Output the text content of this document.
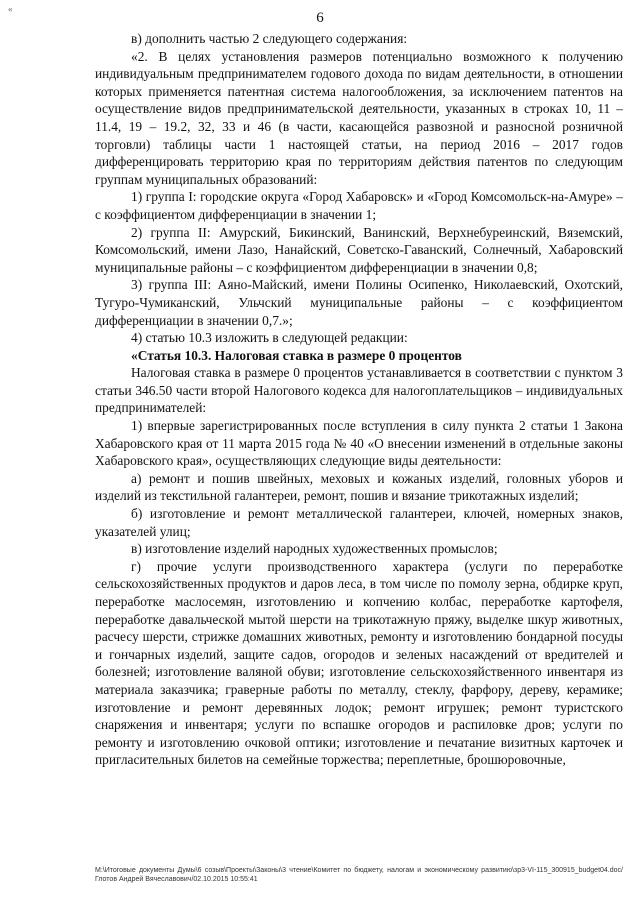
«
6

в) дополнить частью 2 следующего содержания:

«2. В целях установления размеров потенциально возможного к получению индивидуальным предпринимателем годового дохода по видам деятельности, в отношении которых применяется патентная система налогообложения, за исключением патентов на осуществление видов предпринимательской деятельности, указанных в строках 10, 11 – 11.4, 19 – 19.2, 32, 33 и 46 (в части, касающейся развозной и разносной розничной торговли) таблицы части 1 настоящей статьи, на период 2016 – 2017 годов дифференцировать территорию края по территориям действия патентов по следующим группам муниципальных образований:

1) группа I: городские округа «Город Хабаровск» и «Город Комсомольск-на-Амуре» – с коэффициентом дифференциации в значении 1;

2) группа II: Амурский, Бикинский, Ванинский, Верхнебуреинский, Вяземский, Комсомольский, имени Лазо, Нанайский, Советско-Гаванский, Солнечный, Хабаровский муниципальные районы – с коэффициентом дифференциации в значении 0,8;

3) группа III: Аяно-Майский, имени Полины Осипенко, Николаевский, Охотский, Тугуро-Чумиканский, Ульчский муниципальные районы – с коэффициентом дифференциации в значении 0,7.»;

4) статью 10.3 изложить в следующей редакции:

«Статья 10.3. Налоговая ставка в размере 0 процентов

Налоговая ставка в размере 0 процентов устанавливается в соответствии с пунктом 3 статьи 346.50 части второй Налогового кодекса для налогоплательщиков – индивидуальных предпринимателей:

1) впервые зарегистрированных после вступления в силу пункта 2 статьи 1 Закона Хабаровского края от 11 марта 2015 года № 40 «О внесении изменений в отдельные законы Хабаровского края», осуществляющих следующие виды деятельности:

а) ремонт и пошив швейных, меховых и кожаных изделий, головных уборов и изделий из текстильной галантереи, ремонт, пошив и вязание трикотажных изделий;

б) изготовление и ремонт металлической галантереи, ключей, номерных знаков, указателей улиц;

в) изготовление изделий народных художественных промыслов;

г) прочие услуги производственного характера (услуги по переработке сельскохозяйственных продуктов и даров леса, в том числе по помолу зерна, обдирке круп, переработке маслосемян, изготовлению и копчению колбас, переработке картофеля, переработке давальческой мытой шерсти на трикотажную пряжу, выделке шкур животных, расчесу шерсти, стрижке домашних животных, ремонту и изготовлению бондарной посуды и гончарных изделий, защите садов, огородов и зеленых насаждений от вредителей и болезней; изготовление валяной обуви; изготовление сельскохозяйственного инвентаря из материала заказчика; граверные работы по металлу, стеклу, фарфору, дереву, керамике; изготовление и ремонт деревянных лодок; ремонт игрушек; ремонт туристского снаряжения и инвентаря; услуги по вспашке огородов и распиловке дров; услуги по ремонту и изготовлению очковой оптики; изготовление и печатание визитных карточек и пригласительных билетов на семейные торжества; переплетные, брошюровочные,

М:\Итоговые документы Думы\6 созыв\Проекты\Законы\3 чтение\Комитет по бюджету, налогам и экономическому развитию\зр3-VI-115_300915_budget04.doc/Глотов Андрей Вячеславович/02.10.2015 10:55:41
